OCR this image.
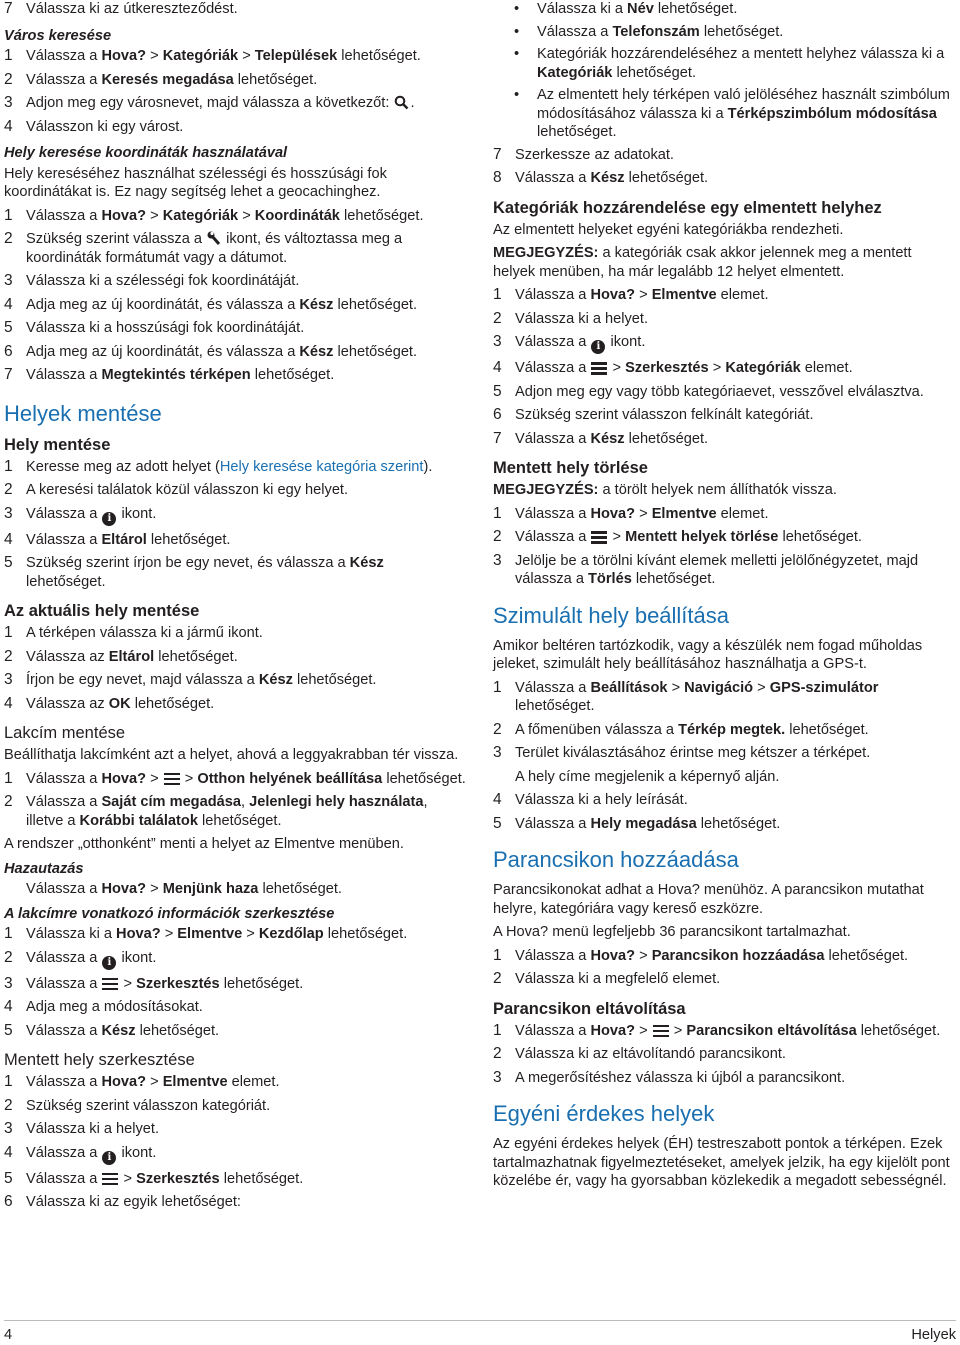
7 Válassza ki az útkereszteződést.
Város keresése
1 Válassza a Hova? > Kategóriák > Települések lehetőséget.
2 Válassza a Keresés megadása lehetőséget.
3 Adjon meg egy városnevet, majd válassza a következőt: .
4 Válasszon ki egy várost.
Hely keresése koordináták használatával

Hely kereséséhez használhat szélességi és hosszúsági fok koordinátákat is. Ez nagy segítség lehet a geocachinghez.

1 Válassza a Hova? > Kategóriák > Koordináták lehetőséget.
2 Szükség szerint válassza a  ikont, és változtassa meg a koordináták formátumát vagy a dátumot.
3 Válassza ki a szélességi fok koordinátáját.
4 Adja meg az új koordinátát, és válassza a Kész lehetőséget.
5 Válassza ki a hosszúsági fok koordinátáját.
6 Adja meg az új koordinátát, és válassza a Kész lehetőséget.
7 Válassza a Megtekintés térképen lehetőséget.
Helyek mentése
Hely mentése
1 Keresse meg az adott helyet (Hely keresése kategória szerint).
2 A keresési találatok közül válasszon ki egy helyet.
3 Válassza a i ikont.
4 Válassza a Eltárol lehetőséget.
5 Szükség szerint írjon be egy nevet, és válassza a Kész lehetőséget.
Az aktuális hely mentése
1 A térképen válassza ki a jármű ikont.
2 Válassza az Eltárol lehetőséget.
3 Írjon be egy nevet, majd válassza a Kész lehetőséget.
4 Válassza az OK lehetőséget.
Lakcím mentése

Beállíthatja lakcímként azt a helyet, ahová a leggyakrabban tér vissza.

1 Válassza a Hova? >
> Otthon helyének beállítása lehetőséget.
2 Válassza a Saját cím megadása, Jelenlegi hely használata, illetve a Korábbi találatok lehetőséget.

A rendszer „otthonként” menti a helyet az Elmentve menüben.

Hazautazás
Válassza a Hova? > Menjünk haza lehetőséget.
A lakcímre vonatkozó információk szerkesztése
1 Válassza ki a Hova? > Elmentve > Kezdőlap lehetőséget.
2 Válassza a i ikont.
3 Válassza a
> Szerkesztés lehetőséget.
4 Adja meg a módosításokat.
5 Válassza a Kész lehetőséget.
Mentett hely szerkesztése
1 Válassza a Hova? > Elmentve elemet.
2 Szükség szerint válasszon kategóriát.
3 Válassza ki a helyet.
4 Válassza a i ikont.
5 Válassza a
> Szerkesztés lehetőséget.
6 Válassza ki az egyik lehetőséget:
• Válassza ki a Név lehetőséget.
• Válassza a Telefonszám lehetőséget.
• Kategóriák hozzárendeléséhez a mentett helyhez válassza ki a Kategóriák lehetőséget.
• Az elmentett hely térképen való jelöléséhez használt szimbólum módosításához válassza ki a Térképszimbólum módosítása lehetőséget.
7 Szerkessze az adatokat.
8 Válassza a Kész lehetőséget.
Kategóriák hozzárendelése egy elmentett helyhez

Az elmentett helyeket egyéni kategóriákba rendezheti.

MEGJEGYZÉS: a kategóriák csak akkor jelennek meg a mentett helyek menüben, ha már legalább 12 helyet elmentett.

1 Válassza a Hova? > Elmentve elemet.
2 Válassza ki a helyet.
3 Válassza a i ikont.
4 Válassza a
> Szerkesztés > Kategóriák elemet.
5 Adjon meg egy vagy több kategóriaevet, vesszővel elválasztva.
6 Szükség szerint válasszon felkínált kategóriát.
7 Válassza a Kész lehetőséget.
Mentett hely törlése

MEGJEGYZÉS: a törölt helyek nem állíthatók vissza.

1 Válassza a Hova? > Elmentve elemet.
2 Válassza a
> Mentett helyek törlése lehetőséget.
3 Jelölje be a törölni kívánt elemek melletti jelölőnégyzetet, majd válassza a Törlés lehetőséget.
Szimulált hely beállítása

Amikor beltéren tartózkodik, vagy a készülék nem fogad műholdas jeleket, szimulált hely beállításához használhatja a GPS-t.

1 Válassza a Beállítások > Navigáció > GPS-szimulátor lehetőséget.
2 A főmenüben válassza a Térkép megtek. lehetőséget.
3 Terület kiválasztásához érintse meg kétszer a térképet.
A hely címe megjelenik a képernyő alján.
4 Válassza ki a hely leírását.
5 Válassza a Hely megadása lehetőséget.
Parancsikon hozzáadása

Parancsikonokat adhat a Hova? menühöz. A parancsikon mutathat helyre, kategóriára vagy kereső eszközre.

A Hova? menü legfeljebb 36 parancsikont tartalmazhat.

1 Válassza a Hova? > Parancsikon hozzáadása lehetőséget.
2 Válassza ki a megfelelő elemet.
Parancsikon eltávolítása
1 Válassza a Hova? >
> Parancsikon eltávolítása lehetőséget.
2 Válassza ki az eltávolítandó parancsikont.
3 A megerősítéshez válassza ki újból a parancsikont.
Egyéni érdekes helyek

Az egyéni érdekes helyek (ÉH) testreszabott pontok a térképen. Ezek tartalmazhatnak figyelmeztetéseket, amelyek jelzik, ha egy kijelölt pont közelébe ér, vagy ha gyorsabban közlekedik a megadott sebességnél.

4	Helyek
